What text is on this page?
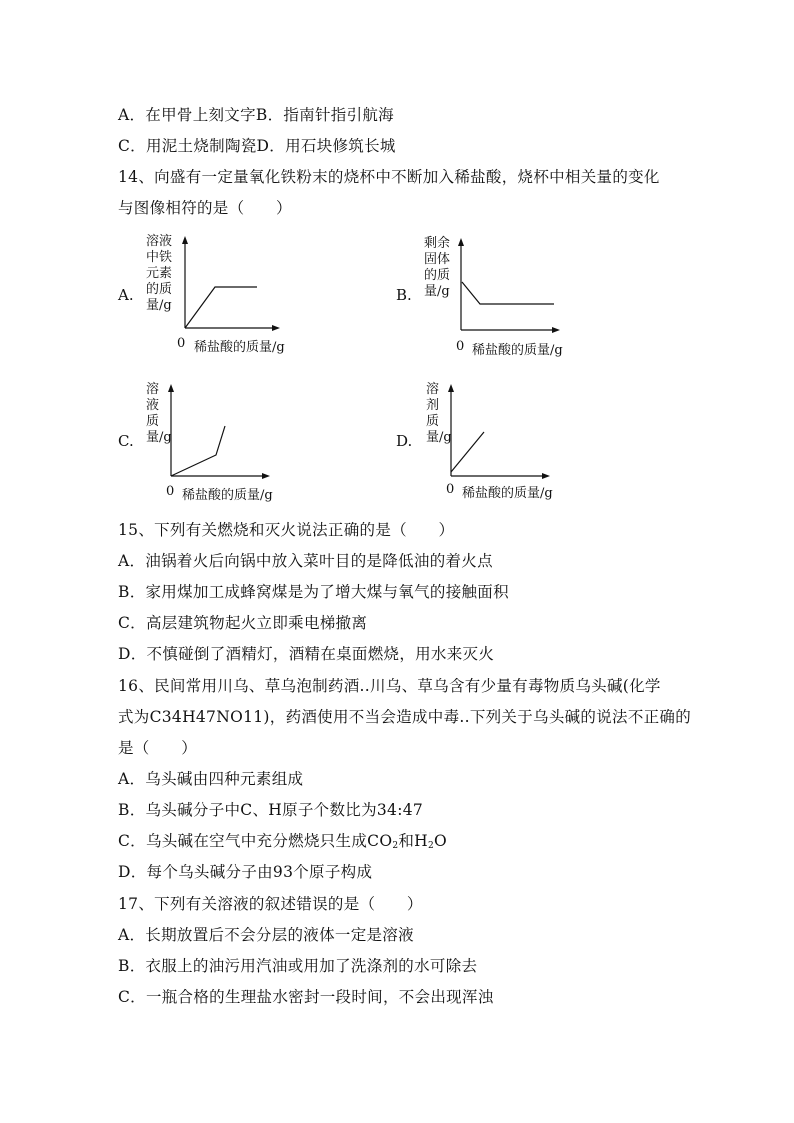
A．在甲骨上刻文字B．指南针指引航海
C．用泥土烧制陶瓷D．用石块修筑长城
14、向盛有一定量氧化铁粉末的烧杯中不断加入稀盐酸，烧杯中相关量的变化
与图像相符的是（　　）
A.
溶液中铁元素的质量/g
0 稀盐酸的质量/g
B.
剩余固体的质量/g
0 稀盐酸的质量/g
C.
溶液质量/g
0 稀盐酸的质量/g
D.
溶剂质量/g
0 稀盐酸的质量/g
15、下列有关燃烧和灭火说法正确的是（　　）
A．油锅着火后向锅中放入菜叶目的是降低油的着火点
B．家用煤加工成蜂窝煤是为了增大煤与氧气的接触面积
C．高层建筑物起火立即乘电梯撤离
D．不慎碰倒了酒精灯，酒精在桌面燃烧，用水来灭火
16、民间常用川乌、草乌泡制药酒..川乌、草乌含有少量有毒物质乌头碱(化学
式为C34H47NO11)，药酒使用不当会造成中毒..下列关于乌头碱的说法不正确的
是（　　）
A．乌头碱由四种元素组成
B．乌头碱分子中C、H原子个数比为34:47
C．乌头碱在空气中充分燃烧只生成$CO_2$和$H_2O$
D．每个乌头碱分子由93个原子构成
17、下列有关溶液的叙述错误的是（　　）
A．长期放置后不会分层的液体一定是溶液
B．衣服上的油污用汽油或用加了洗涤剂的水可除去
C．一瓶合格的生理盐水密封一段时间，不会出现浑浊
